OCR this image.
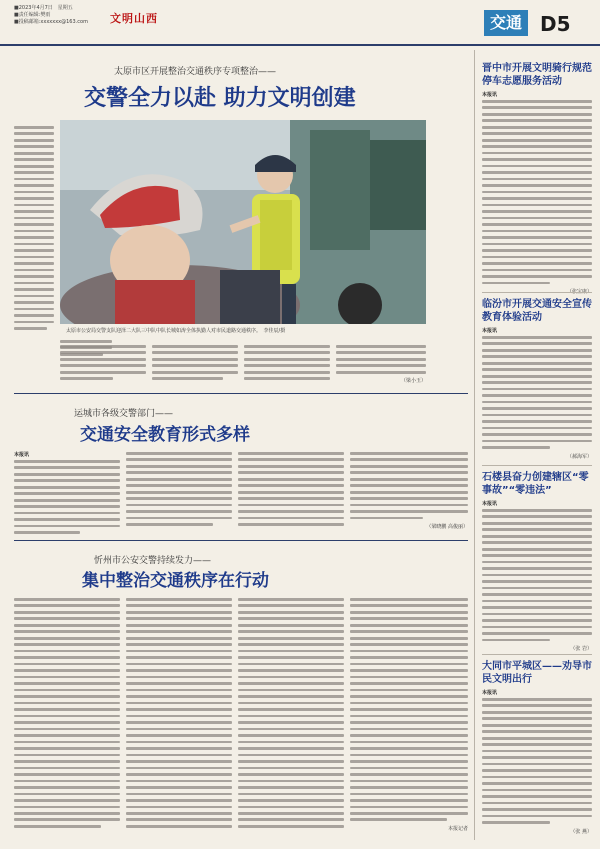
■2023年4月7日　星期五
■责任编辑:樊雨
■投稿邮箱:xxxxxxx@163.com 文明山西	交通 D5
太原市区开展整治交通秩序专项整治——
交警全力以赴 助力文明创建
太原市公安局交警支队迎泽二大队三中队中队长城如涛全体执勤人对市民道路交通秩序。　李佳辰/摄
（梁小玉）
运城市各级交警部门——
交通安全教育形式多样
本报讯
（梁晓鹏 高俊丽）
忻州市公安交警持续发力——
集中整治交通秩序在行动
本报记者
晋中市开展文明骑行规范停车志愿服务活动
本报讯
临汾市开展交通安全宣传教育体验活动
本报讯
（郝海军）
石楼县奋力创建辖区“零事故”“零违法”
本报讯
（张 岩）
大同市平城区——劝导市民文明出行
本报讯
（张 燕）
